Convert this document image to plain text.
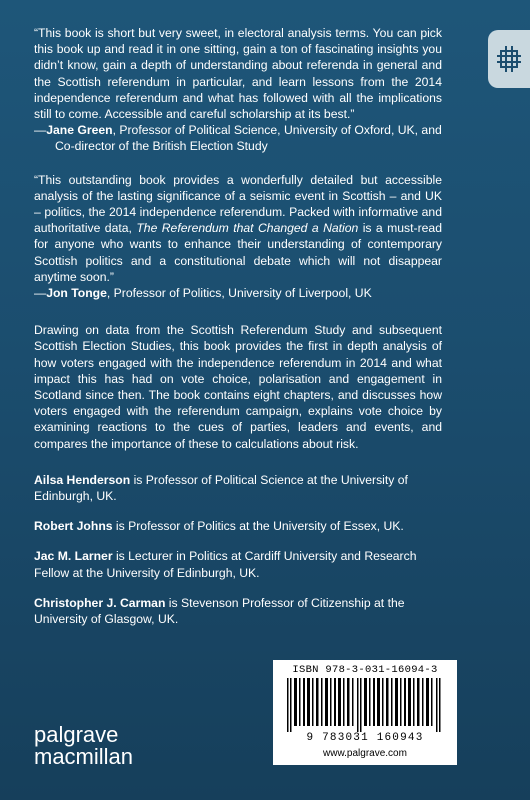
“This book is short but very sweet, in electoral analysis terms. You can pick this book up and read it in one sitting, gain a ton of fascinating insights you didn’t know, gain a depth of understanding about referenda in general and the Scottish referendum in particular, and learn lessons from the 2014 independence referendum and what has followed with all the implications still to come. Accessible and careful scholarship at its best.”

—Jane Green, Professor of Political Science, University of Oxford, UK, and
Co-director of the British Election Study

“This outstanding book provides a wonderfully detailed but accessible analysis of the lasting significance of a seismic event in Scottish – and UK – politics, the 2014 independence referendum. Packed with informative and authoritative data, The Referendum that Changed a Nation is a must-read for anyone who wants to enhance their understanding of contemporary Scottish politics and a constitutional debate which will not disappear anytime soon.”

—Jon Tonge, Professor of Politics, University of Liverpool, UK

Drawing on data from the Scottish Referendum Study and subsequent Scottish Election Studies, this book provides the first in depth analysis of how voters engaged with the independence referendum in 2014 and what impact this has had on vote choice, polarisation and engagement in Scotland since then. The book contains eight chapters, and discusses how voters engaged with the referendum campaign, explains vote choice by examining reactions to the cues of parties, leaders and events, and compares the importance of these to calculations about risk.

Ailsa Henderson is Professor of Political Science at the University of Edinburgh, UK.
Robert Johns is Professor of Politics at the University of Essex, UK.
Jac M. Larner is Lecturer in Politics at Cardiff University and Research Fellow at the University of Edinburgh, UK.
Christopher J. Carman is Stevenson Professor of Citizenship at the University of Glasgow, UK.
palgrave
macmillan
ISBN 978-3-031-16094-3
9 783031 160943
www.palgrave.com
